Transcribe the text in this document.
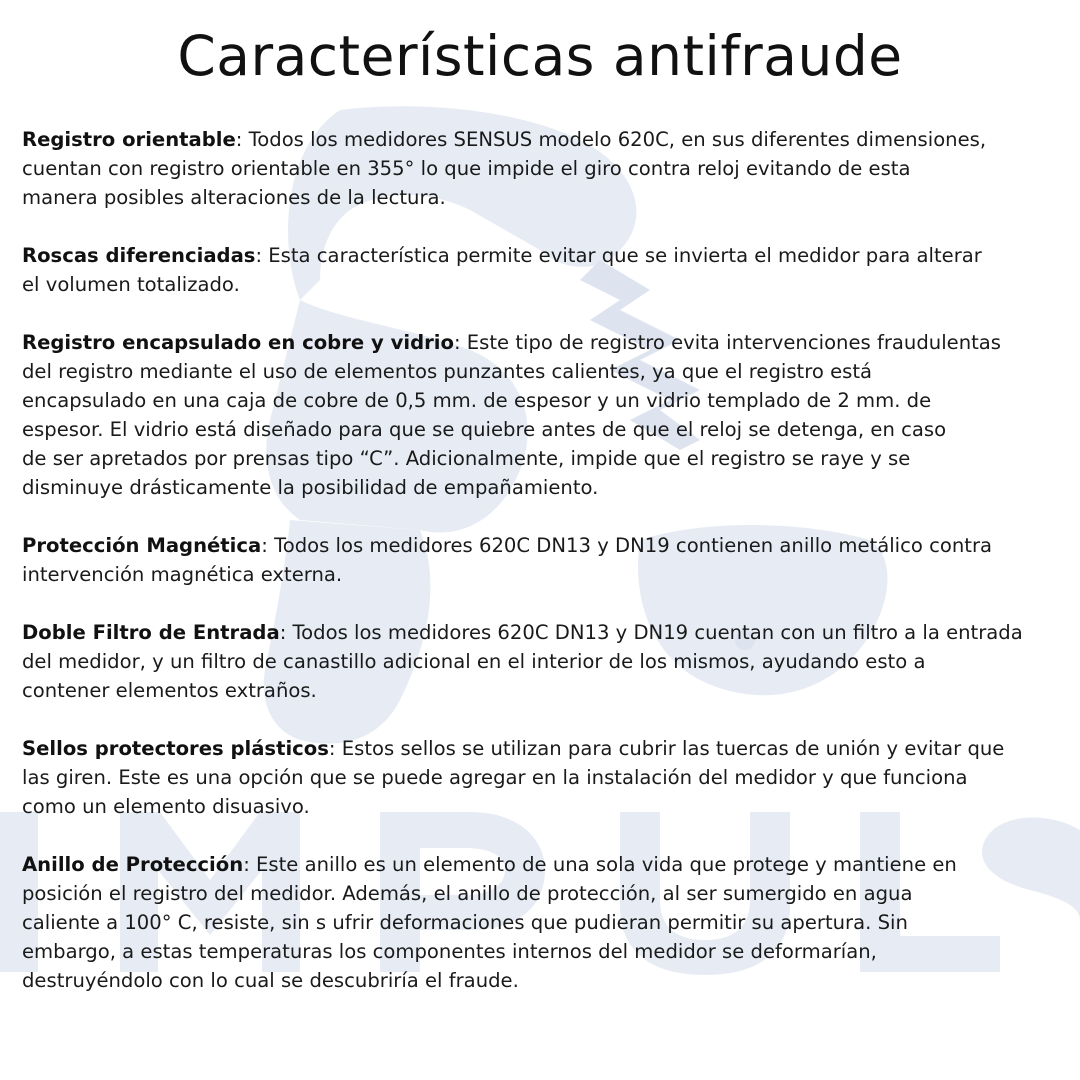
Características antifraude

Registro orientable: Todos los medidores SENSUS modelo 620C, en sus diferentes dimensiones,
cuentan con registro orientable en 355° lo que impide el giro contra reloj evitando de esta
manera posibles alteraciones de la lectura.

Roscas diferenciadas: Esta característica permite evitar que se invierta el medidor para alterar
el volumen totalizado.

Registro encapsulado en cobre y vidrio: Este tipo de registro evita intervenciones fraudulentas
del registro mediante el uso de elementos punzantes calientes, ya que el registro está
encapsulado en una caja de cobre de 0,5 mm. de espesor y un vidrio templado de 2 mm. de
espesor. El vidrio está diseñado para que se quiebre antes de que el reloj se detenga, en caso
de ser apretados por prensas tipo “C”. Adicionalmente, impide que el registro se raye y se
disminuye drásticamente la posibilidad de empañamiento.

Protección Magnética: Todos los medidores 620C DN13 y DN19 contienen anillo metálico contra
intervención magnética externa.

Doble Filtro de Entrada: Todos los medidores 620C DN13 y DN19 cuentan con un filtro a la entrada
del medidor, y un filtro de canastillo adicional en el interior de los mismos, ayudando esto a
contener elementos extraños.

Sellos protectores plásticos: Estos sellos se utilizan para cubrir las tuercas de unión y evitar que
las giren. Este es una opción que se puede agregar en la instalación del medidor y que funciona
como un elemento disuasivo.

Anillo de Protección: Este anillo es un elemento de una sola vida que protege y mantiene en
posición el registro del medidor. Además, el anillo de protección, al ser sumergido en agua
caliente a 100° C, resiste, sin s ufrir deformaciones que pudieran permitir su apertura. Sin
embargo, a estas temperaturas los componentes internos del medidor se deformarían,
destruyéndolo con lo cual se descubriría el fraude.
